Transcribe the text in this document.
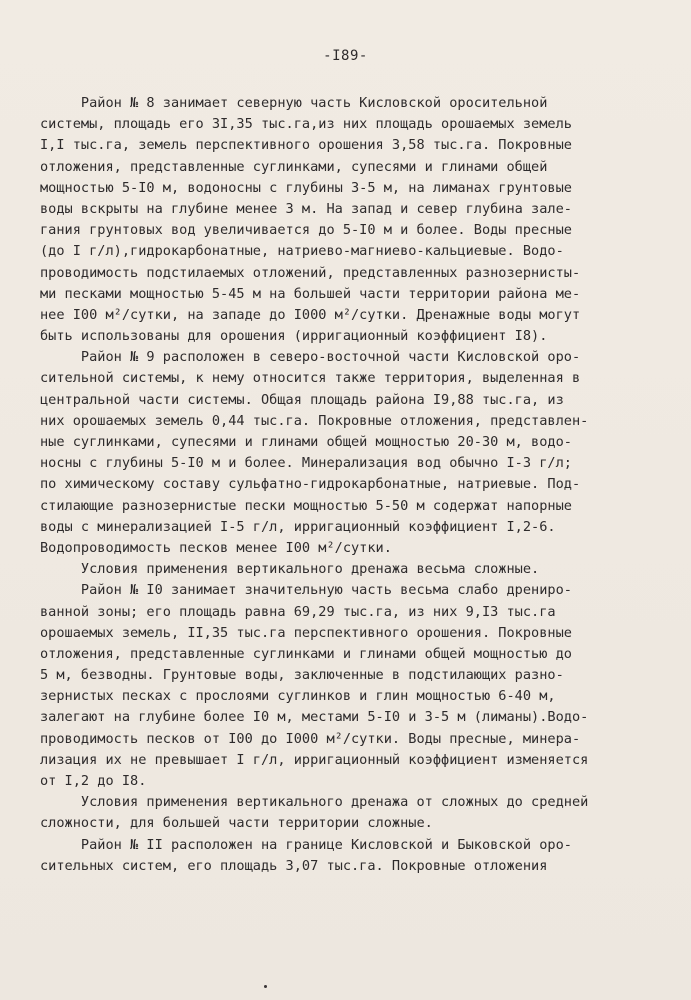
-I89-
Район № 8 занимает северную часть Кисловской оросительной
системы, площадь его 3I,35 тыс.га,из них площадь орошаемых земель
I,I тыс.га, земель перспективного орошения 3,58 тыс.га. Покровные
отложения, представленные суглинками, супесями и глинами общей
мощностью 5-I0 м, водоносны с глубины 3-5 м, на лиманах грунтовые
воды вскрыты на глубине менее 3 м. На запад и север глубина зале-
гания грунтовых вод увеличивается до 5-I0 м и более. Воды пресные
(до I г/л),гидрокарбонатные, натриево-магниево-кальциевые. Водо-
проводимость подстилаемых отложений, представленных разнозернисты-
ми песками мощностью 5-45 м на большей части территории района ме-
нее I00 м²/сутки, на западе до I000 м²/сутки. Дренажные воды могут
быть использованы для орошения (ирригационный коэффициент I8).
Район № 9 расположен в северо-восточной части Кисловской оро-
сительной системы, к нему относится также территория, выделенная в
центральной части системы. Общая площадь района I9,88 тыс.га, из
них орошаемых земель 0,44 тыс.га. Покровные отложения, представлен-
ные суглинками, супесями и глинами общей мощностью 20-30 м, водо-
носны с глубины 5-I0 м и более. Минерализация вод обычно I-3 г/л;
по химическому составу сульфатно-гидрокарбонатные, натриевые. Под-
стилающие разнозернистые пески мощностью 5-50 м содержат напорные
воды с минерализацией I-5 г/л, ирригационный коэффициент I,2-6.
Водопроводимость песков менее I00 м²/сутки.
Условия применения вертикального дренажа весьма сложные.
Район № I0 занимает значительную часть весьма слабо дрениро-
ванной зоны; его площадь равна 69,29 тыс.га, из них 9,I3 тыс.га
орошаемых земель, II,35 тыс.га перспективного орошения. Покровные
отложения, представленные суглинками и глинами общей мощностью до
5 м, безводны. Грунтовые воды, заключенные в подстилающих разно-
зернистых песках с прослоями суглинков и глин мощностью 6-40 м,
залегают на глубине более I0 м, местами 5-I0 и 3-5 м (лиманы).Водо-
проводимость песков от I00 до I000 м²/сутки. Воды пресные, минера-
лизация их не превышает I г/л, ирригационный коэффициент изменяется
от I,2 до I8.
Условия применения вертикального дренажа от сложных до средней
сложности, для большей части территории сложные.
Район № II расположен на границе Кисловской и Быковской оро-
сительных систем, его площадь 3,07 тыс.га. Покровные отложения
